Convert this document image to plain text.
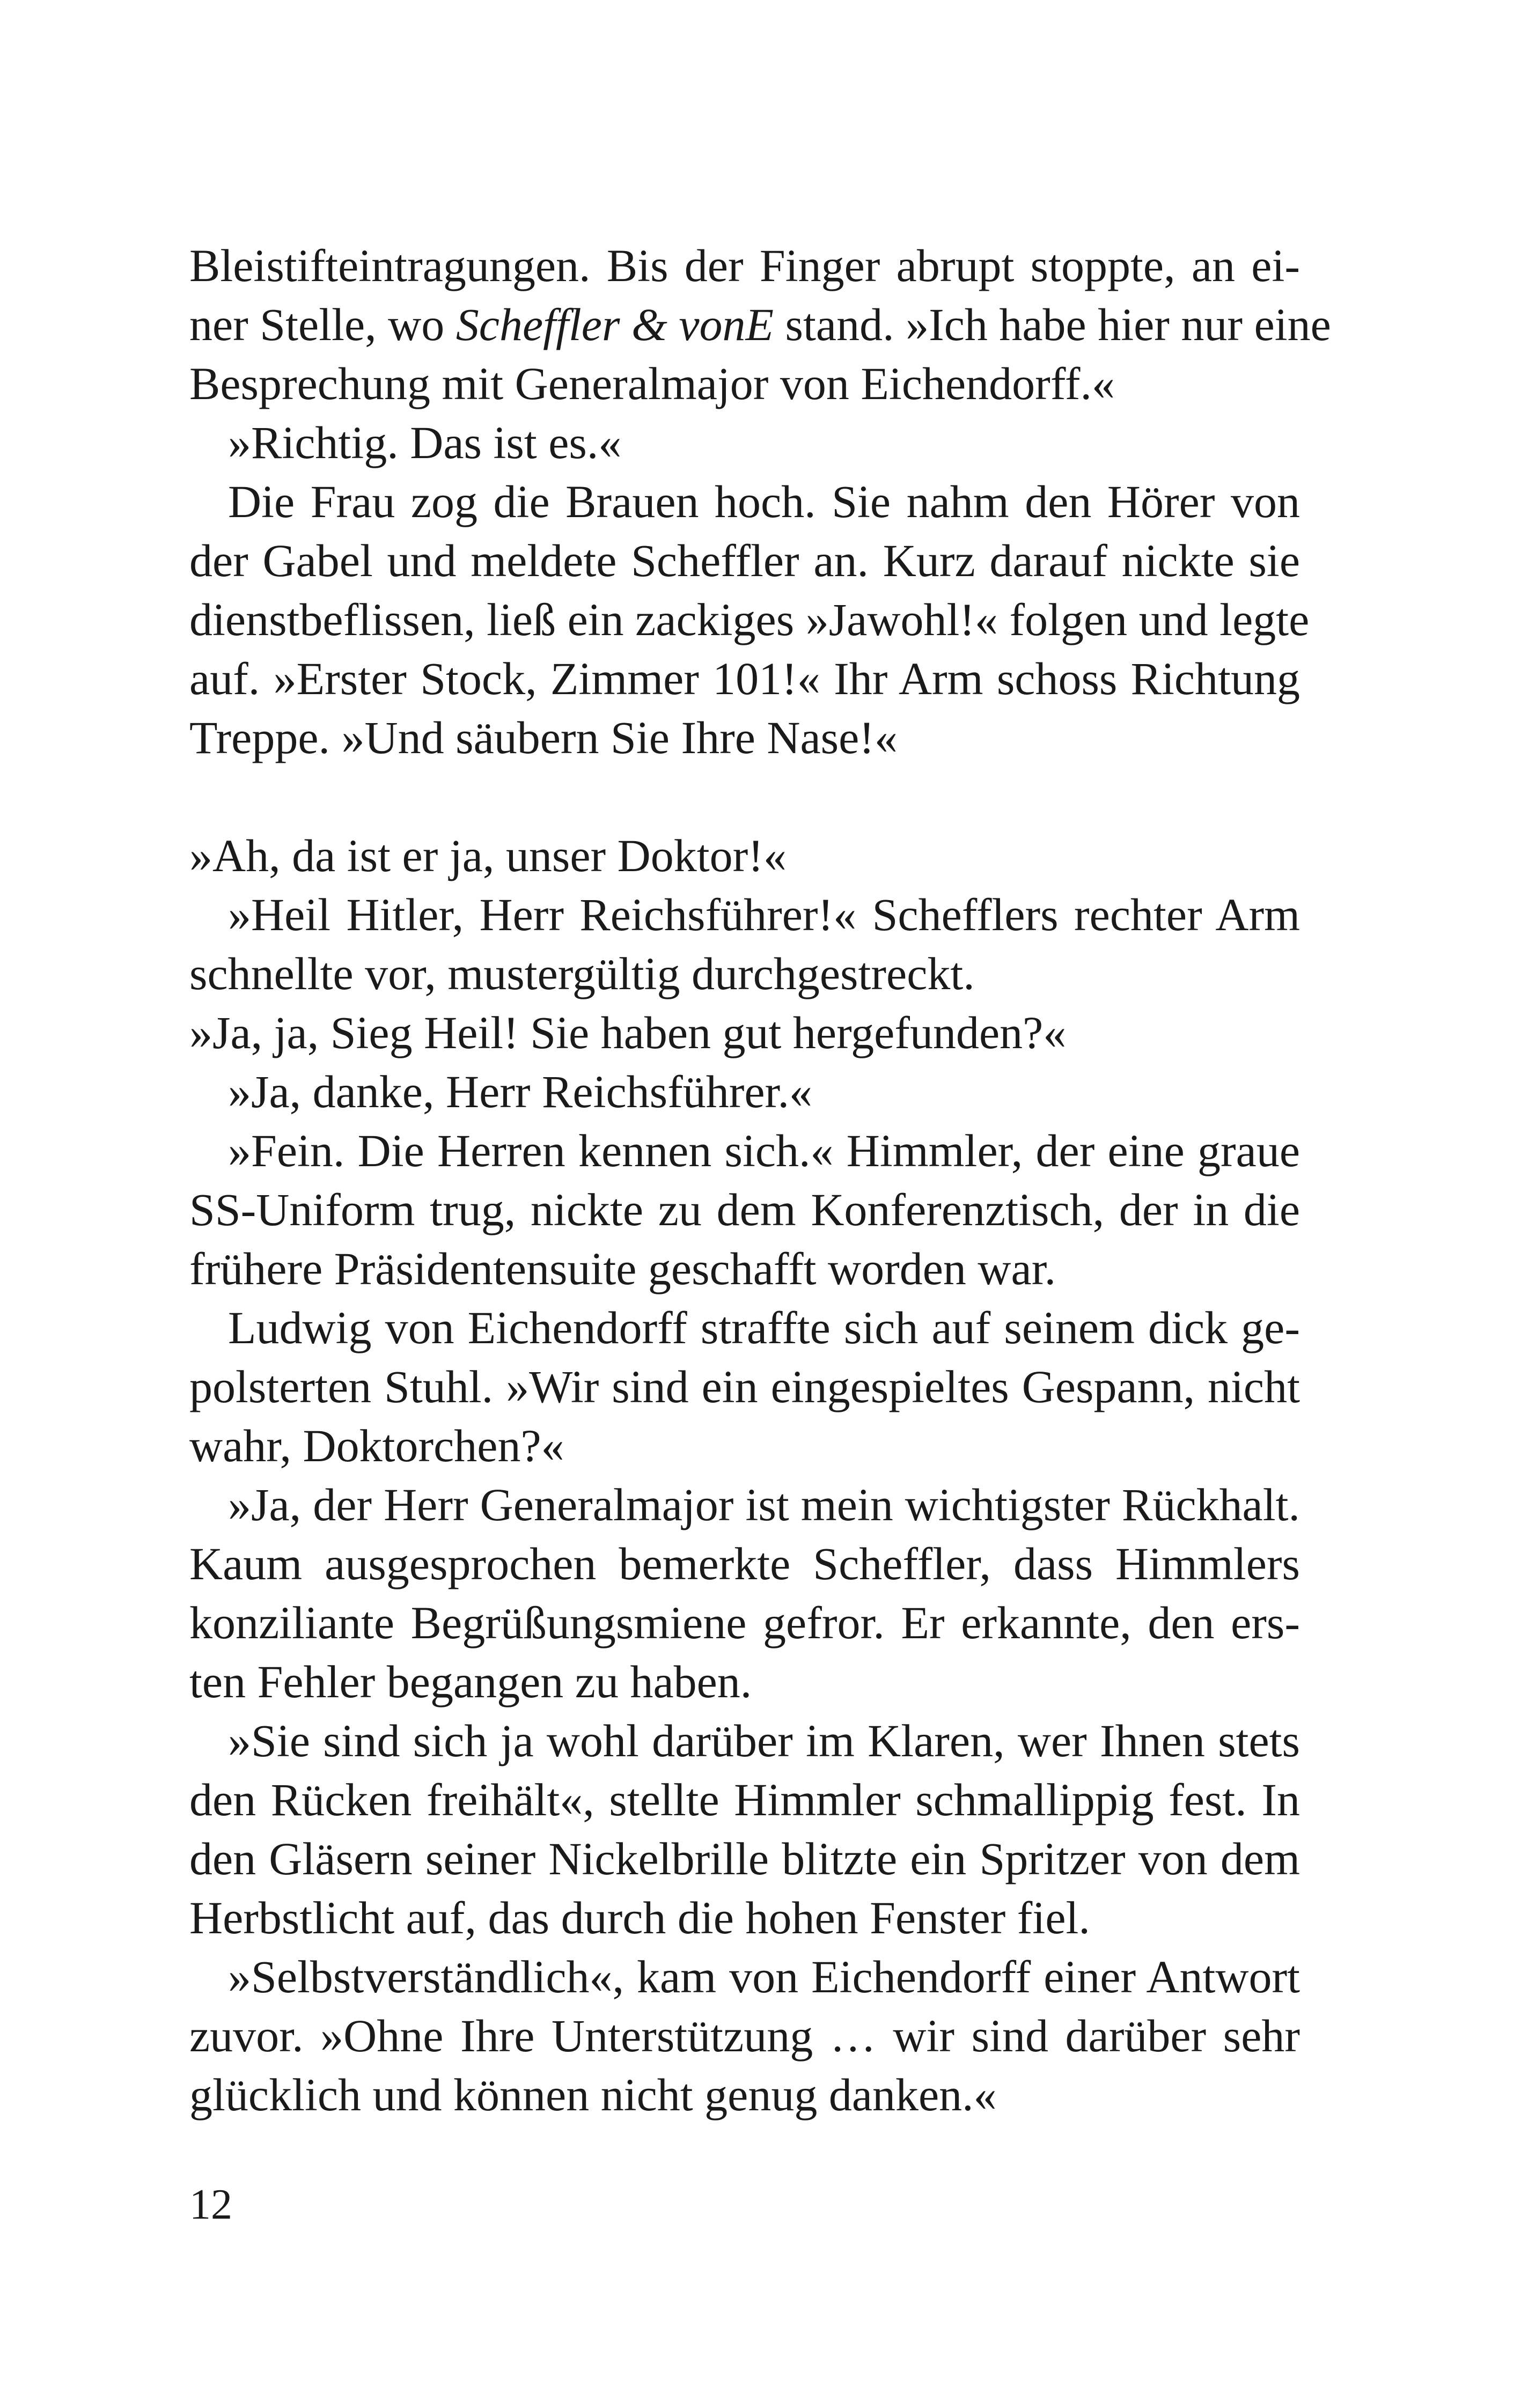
Bleistifteintragungen. Bis der Finger abrupt stoppte, an ei-
ner Stelle, wo Scheffler & vonE stand. »Ich habe hier nur eine
Besprechung mit Generalmajor von Eichendorff.«
»Richtig. Das ist es.«
Die Frau zog die Brauen hoch. Sie nahm den Hörer von
der Gabel und meldete Scheffler an. Kurz darauf nickte sie
dienstbeflissen, ließ ein zackiges »Jawohl!« folgen und legte
auf. »Erster Stock, Zimmer 101!« Ihr Arm schoss Richtung
Treppe. »Und säubern Sie Ihre Nase!«
»Ah, da ist er ja, unser Doktor!«
»Heil Hitler, Herr Reichsführer!« Schefflers rechter Arm
schnellte vor, mustergültig durchgestreckt.
»Ja, ja, Sieg Heil! Sie haben gut hergefunden?«
»Ja, danke, Herr Reichsführer.«
»Fein. Die Herren kennen sich.« Himmler, der eine graue
SS-Uniform trug, nickte zu dem Konferenztisch, der in die
frühere Präsidentensuite geschafft worden war.
Ludwig von Eichendorff straffte sich auf seinem dick ge-
polsterten Stuhl. »Wir sind ein eingespieltes Gespann, nicht
wahr, Doktorchen?«
»Ja, der Herr Generalmajor ist mein wichtigster Rückhalt.
Kaum ausgesprochen bemerkte Scheffler, dass Himmlers
konziliante Begrüßungsmiene gefror. Er erkannte, den ers-
ten Fehler begangen zu haben.
»Sie sind sich ja wohl darüber im Klaren, wer Ihnen stets
den Rücken freihält«, stellte Himmler schmallippig fest. In
den Gläsern seiner Nickelbrille blitzte ein Spritzer von dem
Herbstlicht auf, das durch die hohen Fenster fiel.
»Selbstverständlich«, kam von Eichendorff einer Antwort
zuvor. »Ohne Ihre Unterstützung … wir sind darüber sehr
glücklich und können nicht genug danken.«
12
